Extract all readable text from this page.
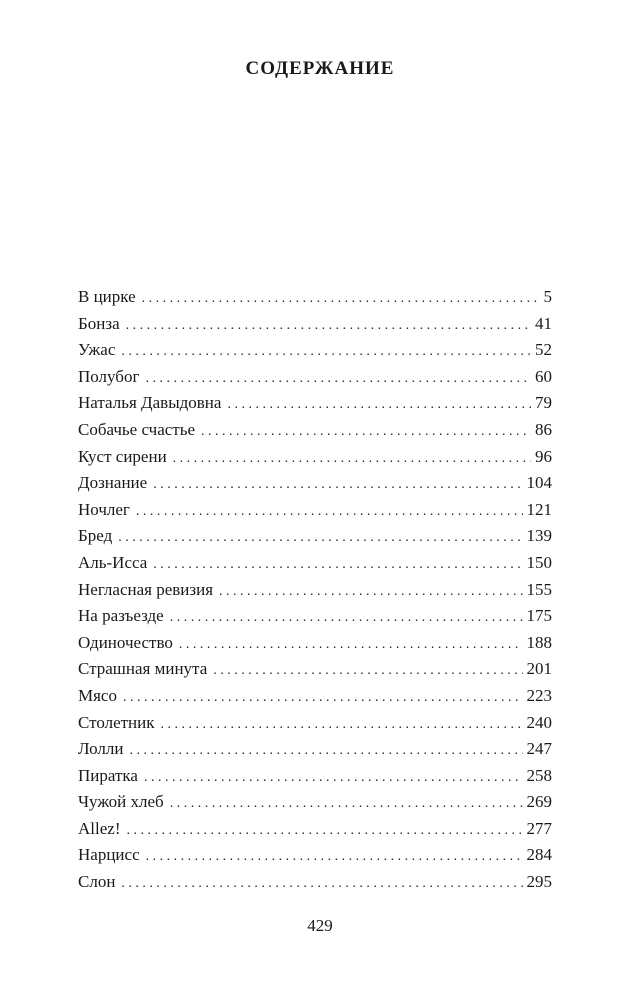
СОДЕРЖАНИЕ
В цирке . . .	5
Бонза . . .	41
Ужас . . .	52
Полубог . . .	60
Наталья Давыдовна . . .	79
Собачье счастье . . .	86
Куст сирени . . .	96
Дознание . . .	104
Ночлег . . .	121
Бред . . .	139
Аль-Исса . . .	150
Негласная ревизия . . .	155
На разъезде . . .	175
Одиночество . . .	188
Страшная минута . . .	201
Мясо . . .	223
Столетник . . .	240
Лолли . . .	247
Пиратка . . .	258
Чужой хлеб . . .	269
Allez! . . .	277
Нарцисс . . .	284
Слон . . .	295
429
